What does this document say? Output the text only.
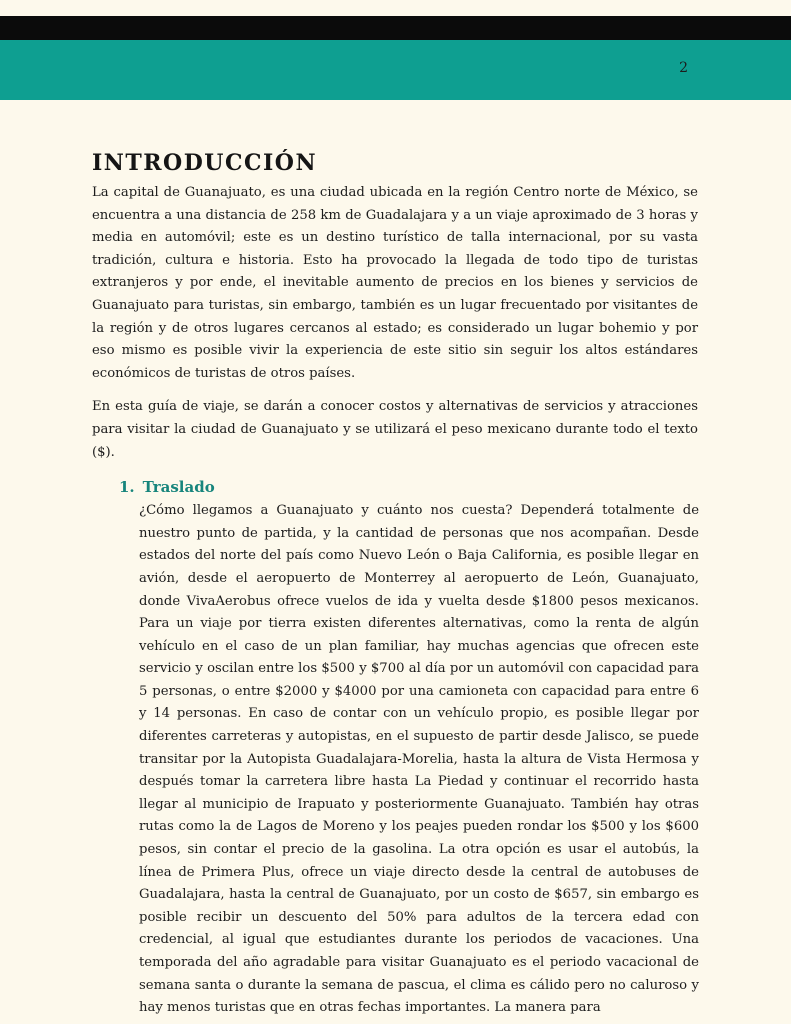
2
INTRODUCCIÓN

La capital de Guanajuato, es una ciudad ubicada en la región Centro norte de México, se encuentra a una distancia de 258 km de Guadalajara y a un viaje aproximado de 3 horas y media en automóvil; este es un destino turístico de talla internacional, por su vasta tradición, cultura e historia. Esto ha provocado la llegada de todo tipo de turistas extranjeros y por ende, el inevitable aumento de precios en los bienes y servicios de Guanajuato para turistas, sin embargo, también es un lugar frecuentado por visitantes de la región y de otros lugares cercanos al estado; es considerado un lugar bohemio y por eso mismo es posible vivir la experiencia de este sitio sin seguir los altos estándares económicos de turistas de otros países.

En esta guía de viaje, se darán a conocer costos y alternativas de servicios y atracciones para visitar la ciudad de Guanajuato y se utilizará el peso mexicano durante todo el texto ($).

1. Traslado

¿Cómo llegamos a Guanajuato y cuánto nos cuesta? Dependerá totalmente de nuestro punto de partida, y la cantidad de personas que nos acompañan. Desde estados del norte del país como Nuevo León o Baja California, es posible llegar en avión, desde el aeropuerto de Monterrey al aeropuerto de León, Guanajuato, donde VivaAerobus ofrece vuelos de ida y vuelta desde $1800 pesos mexicanos. Para un viaje por tierra existen diferentes alternativas, como la renta de algún vehículo en el caso de un plan familiar, hay muchas agencias que ofrecen este servicio y oscilan entre los $500 y $700 al día por un automóvil con capacidad para 5 personas, o entre $2000 y $4000 por una camioneta con capacidad para entre 6 y 14 personas. En caso de contar con un vehículo propio, es posible llegar por diferentes carreteras y autopistas, en el supuesto de partir desde Jalisco, se puede transitar por la Autopista Guadalajara-Morelia, hasta la altura de Vista Hermosa y después tomar la carretera libre hasta La Piedad y continuar el recorrido hasta llegar al municipio de Irapuato y posteriormente Guanajuato. También hay otras rutas como la de Lagos de Moreno y los peajes pueden rondar los $500 y los $600 pesos, sin contar el precio de la gasolina. La otra opción es usar el autobús, la línea de Primera Plus, ofrece un viaje directo desde la central de autobuses de Guadalajara, hasta la central de Guanajuato, por un costo de $657, sin embargo es posible recibir un descuento del 50% para adultos de la tercera edad con credencial, al igual que estudiantes durante los periodos de vacaciones. Una temporada del año agradable para visitar Guanajuato es el periodo vacacional de semana santa o durante la semana de pascua, el clima es cálido pero no caluroso y hay menos turistas que en otras fechas importantes. La manera para
